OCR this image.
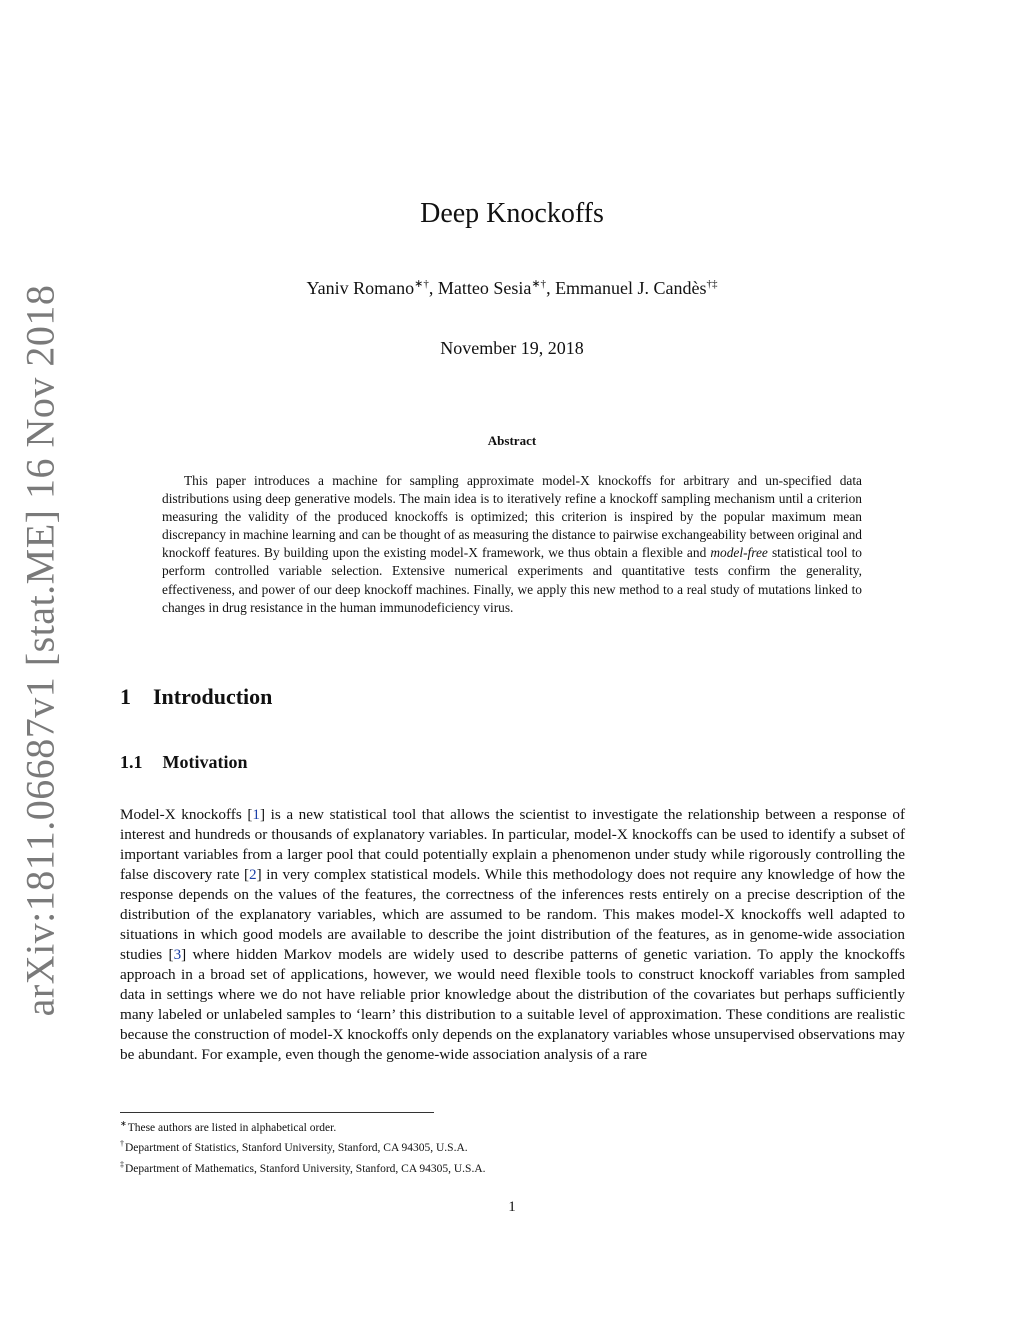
arXiv:1811.06687v1 [stat.ME] 16 Nov 2018
Deep Knockoffs
Yaniv Romano∗†, Matteo Sesia∗†, Emmanuel J. Candès†‡
November 19, 2018
Abstract
This paper introduces a machine for sampling approximate model-X knockoffs for arbitrary and un-specified data distributions using deep generative models. The main idea is to iteratively refine a knockoff sampling mechanism until a criterion measuring the validity of the produced knockoffs is optimized; this criterion is inspired by the popular maximum mean discrepancy in machine learning and can be thought of as measuring the distance to pairwise exchangeability between original and knockoff features. By building upon the existing model-X framework, we thus obtain a flexible and model-free statistical tool to perform controlled variable selection. Extensive numerical experiments and quantitative tests confirm the generality, effectiveness, and power of our deep knockoff machines. Finally, we apply this new method to a real study of mutations linked to changes in drug resistance in the human immunodeficiency virus.
1 Introduction
1.1 Motivation
Model-X knockoffs [1] is a new statistical tool that allows the scientist to investigate the relationship between a response of interest and hundreds or thousands of explanatory variables. In particular, model-X knockoffs can be used to identify a subset of important variables from a larger pool that could potentially explain a phenomenon under study while rigorously controlling the false discovery rate [2] in very complex statistical models. While this methodology does not require any knowledge of how the response depends on the values of the features, the correctness of the inferences rests entirely on a precise description of the distribution of the explanatory variables, which are assumed to be random. This makes model-X knockoffs well adapted to situations in which good models are available to describe the joint distribution of the features, as in genome-wide association studies [3] where hidden Markov models are widely used to describe patterns of genetic variation. To apply the knockoffs approach in a broad set of applications, however, we would need flexible tools to construct knockoff variables from sampled data in settings where we do not have reliable prior knowledge about the distribution of the covariates but perhaps sufficiently many labeled or unlabeled samples to ‘learn’ this distribution to a suitable level of approximation. These conditions are realistic because the construction of model-X knockoffs only depends on the explanatory variables whose unsupervised observations may be abundant. For example, even though the genome-wide association analysis of a rare
∗These authors are listed in alphabetical order.
†Department of Statistics, Stanford University, Stanford, CA 94305, U.S.A.
‡Department of Mathematics, Stanford University, Stanford, CA 94305, U.S.A.
1
